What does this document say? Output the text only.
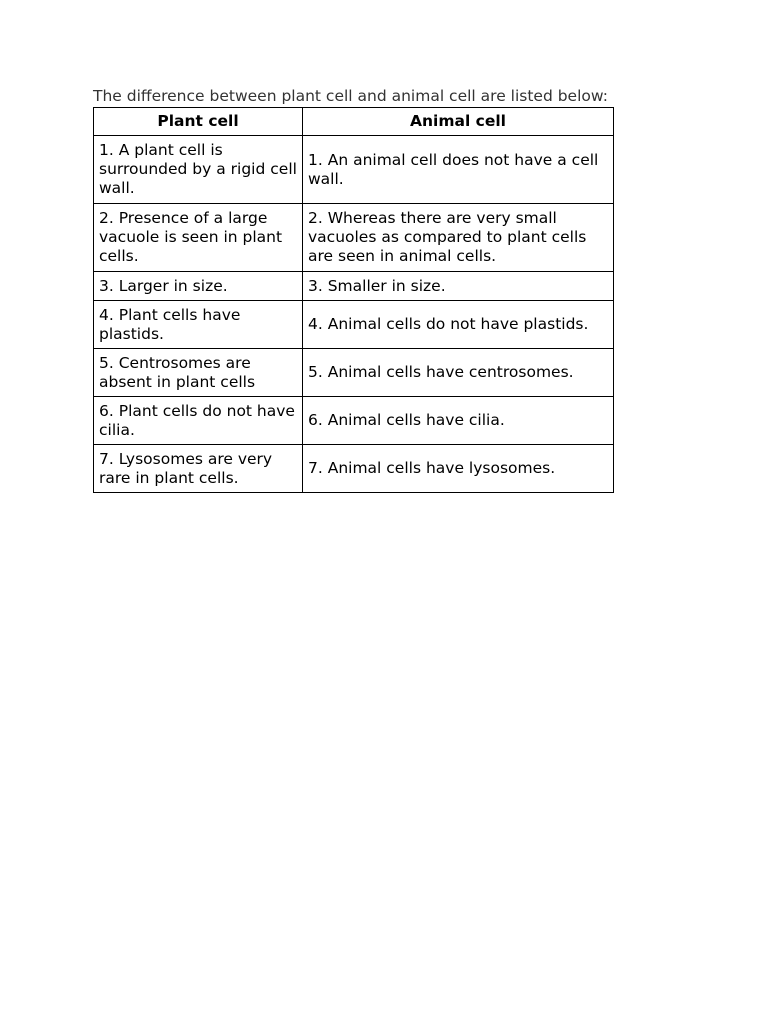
The difference between plant cell and animal cell are listed below:
Plant cell	Animal cell
1. A plant cell is surrounded by a rigid cell wall.	1. An animal cell does not have a cell wall.
2. Presence of a large vacuole is seen in plant cells.	2. Whereas there are very small vacuoles as compared to plant cells are seen in animal cells.
3. Larger in size.	3. Smaller in size.
4. Plant cells have plastids.	4. Animal cells do not have plastids.
5. Centrosomes are absent in plant cells	5. Animal cells have centrosomes.
6. Plant cells do not have cilia.	6. Animal cells have cilia.
7. Lysosomes are very rare in plant cells.	7. Animal cells have lysosomes.
